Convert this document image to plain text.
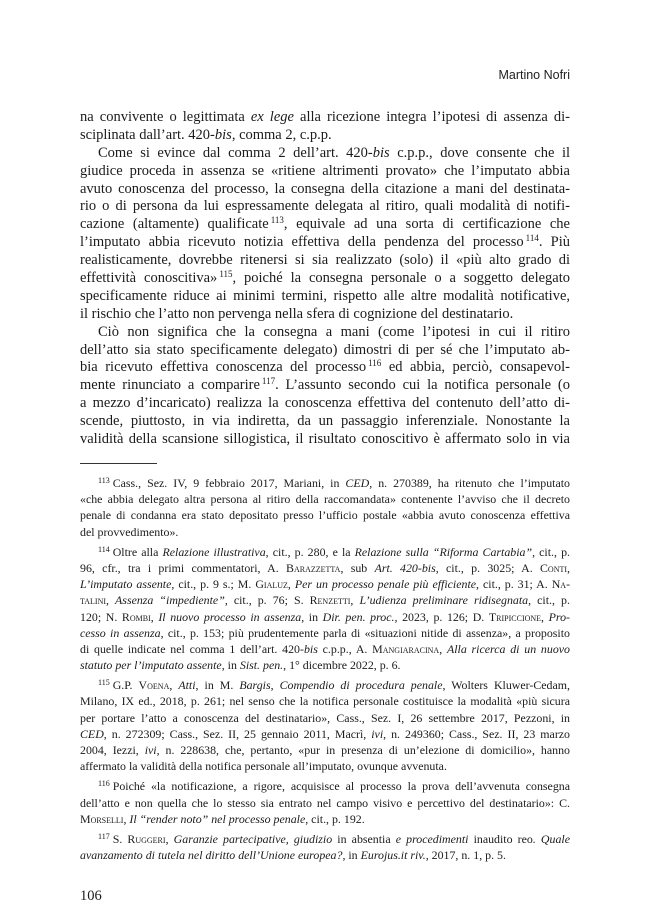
Martino Nofri
na convivente o legittimata ex lege alla ricezione integra l’ipotesi di assenza di-
sciplinata dall’art. 420-bis, comma 2, c.p.p.
Come si evince dal comma 2 dell’art. 420-bis c.p.p., dove consente che il
giudice proceda in assenza se «ritiene altrimenti provato» che l’imputato abbia
avuto conoscenza del processo, la consegna della citazione a mani del destinata-
rio o di persona da lui espressamente delegata al ritiro, quali modalità di notifi-
cazione (altamente) qualificate $^{113}$, equivale ad una sorta di certificazione che
l’imputato abbia ricevuto notizia effettiva della pendenza del processo $^{114}$. Più
realisticamente, dovrebbe ritenersi si sia realizzato (solo) il «più alto grado di
effettività conoscitiva» $^{115}$, poiché la consegna personale o a soggetto delegato
specificamente riduce ai minimi termini, rispetto alle altre modalità notificative,
il rischio che l’atto non pervenga nella sfera di cognizione del destinatario.
Ciò non significa che la consegna a mani (come l’ipotesi in cui il ritiro
dell’atto sia stato specificamente delegato) dimostri di per sé che l’imputato ab-
bia ricevuto effettiva conoscenza del processo $^{116}$ ed abbia, perciò, consapevol-
mente rinunciato a comparire $^{117}$. L’assunto secondo cui la notifica personale (o
a mezzo d’incaricato) realizza la conoscenza effettiva del contenuto dell’atto di-
scende, piuttosto, in via indiretta, da un passaggio inferenziale. Nonostante la
validità della scansione sillogistica, il risultato conoscitivo è affermato solo in via
$^{113}$ Cass., Sez. IV, 9 febbraio 2017, Mariani, in CED, n. 270389, ha ritenuto che l’imputato
«che abbia delegato altra persona al ritiro della raccomandata» contenente l’avviso che il decreto
penale di condanna era stato depositato presso l’ufficio postale «abbia avuto conoscenza effettiva
del provvedimento».
$^{114}$ Oltre alla Relazione illustrativa, cit., p. 280, e la Relazione sulla “Riforma Cartabia”, cit., p.
96, cfr., tra i primi commentatori, A. Barazzetta, sub Art. 420-bis, cit., p. 3025; A. Conti,
L’imputato assente, cit., p. 9 s.; M. Gialuz, Per un processo penale più efficiente, cit., p. 31; A. Na-
talini, Assenza “impediente”, cit., p. 76; S. Renzetti, L’udienza preliminare ridisegnata, cit., p.
120; N. Rombi, Il nuovo processo in assenza, in Dir. pen. proc., 2023, p. 126; D. Tripiccione, Pro-
cesso in assenza, cit., p. 153; più prudentemente parla di «situazioni nitide di assenza», a proposito
di quelle indicate nel comma 1 dell’art. 420-bis c.p.p., A. Mangiaracina, Alla ricerca di un nuovo
statuto per l’imputato assente, in Sist. pen., 1° dicembre 2022, p. 6.
$^{115}$ G.P. Voena, Atti, in M. Bargis, Compendio di procedura penale, Wolters Kluwer-Cedam,
Milano, IX ed., 2018, p. 261; nel senso che la notifica personale costituisce la modalità «più sicura
per portare l’atto a conoscenza del destinatario», Cass., Sez. I, 26 settembre 2017, Pezzoni, in
CED, n. 272309; Cass., Sez. II, 25 gennaio 2011, Macrì, ivi, n. 249360; Cass., Sez. II, 23 marzo
2004, Iezzi, ivi, n. 228638, che, pertanto, «pur in presenza di un’elezione di domicilio», hanno
affermato la validità della notifica personale all’imputato, ovunque avvenuta.
$^{116}$ Poiché «la notificazione, a rigore, acquisisce al processo la prova dell’avvenuta consegna
dell’atto e non quella che lo stesso sia entrato nel campo visivo e percettivo del destinatario»: C.
Morselli, Il “render noto” nel processo penale, cit., p. 192.
$^{117}$ S. Ruggeri, Garanzie partecipative, giudizio in absentia e procedimenti inaudito reo. Quale
avanzamento di tutela nel diritto dell’Unione europea?, in Eurojus.it riv., 2017, n. 1, p. 5.
106
